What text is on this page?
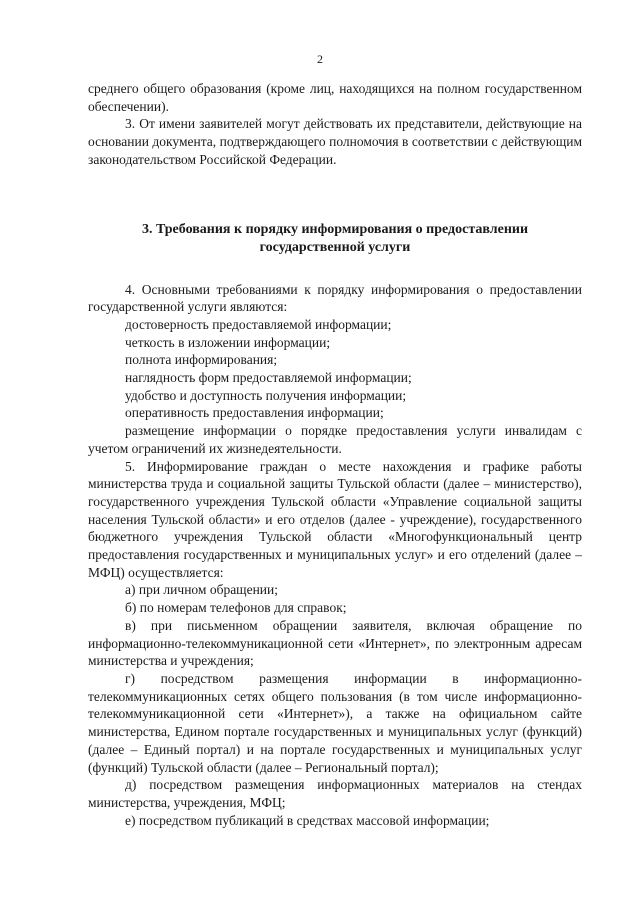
2

среднего общего образования (кроме лиц, находящихся на полном государственном обеспечении).

3. От имени заявителей могут действовать их представители, действующие на основании документа, подтверждающего полномочия в соответствии с действующим законодательством Российской Федерации.

3. Требования к порядку информирования о предоставлении
государственной услуги

4. Основными требованиями к порядку информирования о предоставлении государственной услуги являются:

достоверность предоставляемой информации;

четкость в изложении информации;

полнота информирования;

наглядность форм предоставляемой информации;

удобство и доступность получения информации;

оперативность предоставления информации;

размещение информации о порядке предоставления услуги инвалидам с учетом ограничений их жизнедеятельности.

5. Информирование граждан о месте нахождения и графике работы министерства труда и социальной защиты Тульской области (далее – министерство), государственного учреждения Тульской области «Управление социальной защиты населения Тульской области» и его отделов (далее - учреждение), государственного бюджетного учреждения Тульской области «Многофункциональный центр предоставления государственных и муниципальных услуг» и его отделений (далее – МФЦ) осуществляется:

а) при личном обращении;

б) по номерам телефонов для справок;

в) при письменном обращении заявителя, включая обращение по информационно-телекоммуникационной сети «Интернет», по электронным адресам министерства и учреждения;

г) посредством размещения информации в информационно-телекоммуникационных сетях общего пользования (в том числе информационно-телекоммуникационной сети «Интернет»), а также на официальном сайте министерства, Едином портале государственных и муниципальных услуг (функций) (далее – Единый портал) и на портале государственных и муниципальных услуг (функций) Тульской области (далее – Региональный портал);

д) посредством размещения информационных материалов на стендах министерства, учреждения, МФЦ;

е) посредством публикаций в средствах массовой информации;
